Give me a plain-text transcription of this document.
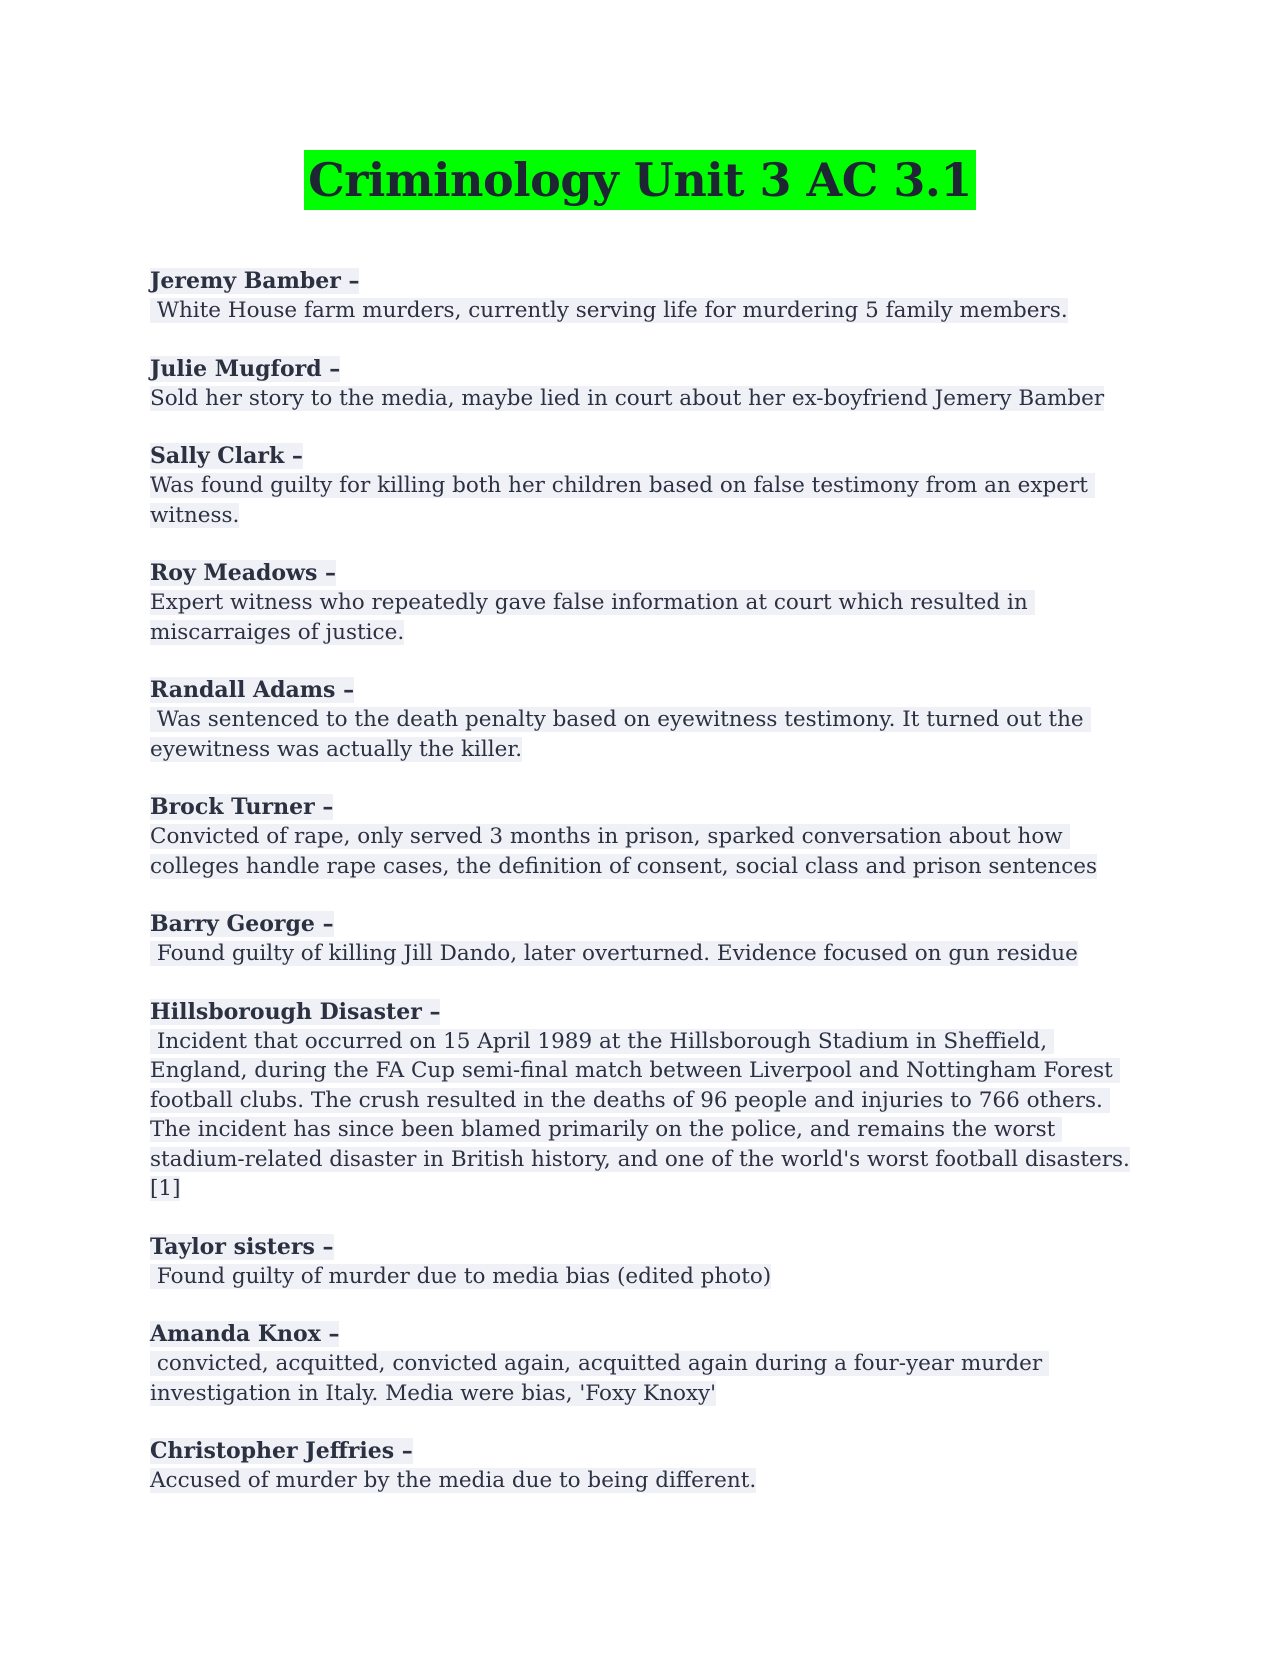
Criminology Unit 3 AC 3.1
Jeremy Bamber –
White House farm murders, currently serving life for murdering 5 family members.
Julie Mugford –
Sold her story to the media, maybe lied in court about her ex-boyfriend Jemery Bamber
Sally Clark –
Was found guilty for killing both her children based on false testimony from an expert witness.
Roy Meadows –
Expert witness who repeatedly gave false information at court which resulted in miscarraiges of justice.
Randall Adams –
Was sentenced to the death penalty based on eyewitness testimony. It turned out the eyewitness was actually the killer.
Brock Turner –
Convicted of rape, only served 3 months in prison, sparked conversation about how colleges handle rape cases, the definition of consent, social class and prison sentences
Barry George –
Found guilty of killing Jill Dando, later overturned. Evidence focused on gun residue
Hillsborough Disaster –
Incident that occurred on 15 April 1989 at the Hillsborough Stadium in Sheffield, England, during the FA Cup semi-final match between Liverpool and Nottingham Forest football clubs. The crush resulted in the deaths of 96 people and injuries to 766 others. The incident has since been blamed primarily on the police, and remains the worst stadium-related disaster in British history, and one of the world's worst football disasters.[1]
Taylor sisters –
Found guilty of murder due to media bias (edited photo)
Amanda Knox –
convicted, acquitted, convicted again, acquitted again during a four-year murder investigation in Italy. Media were bias, 'Foxy Knoxy'
Christopher Jeffries –
Accused of murder by the media due to being different.
